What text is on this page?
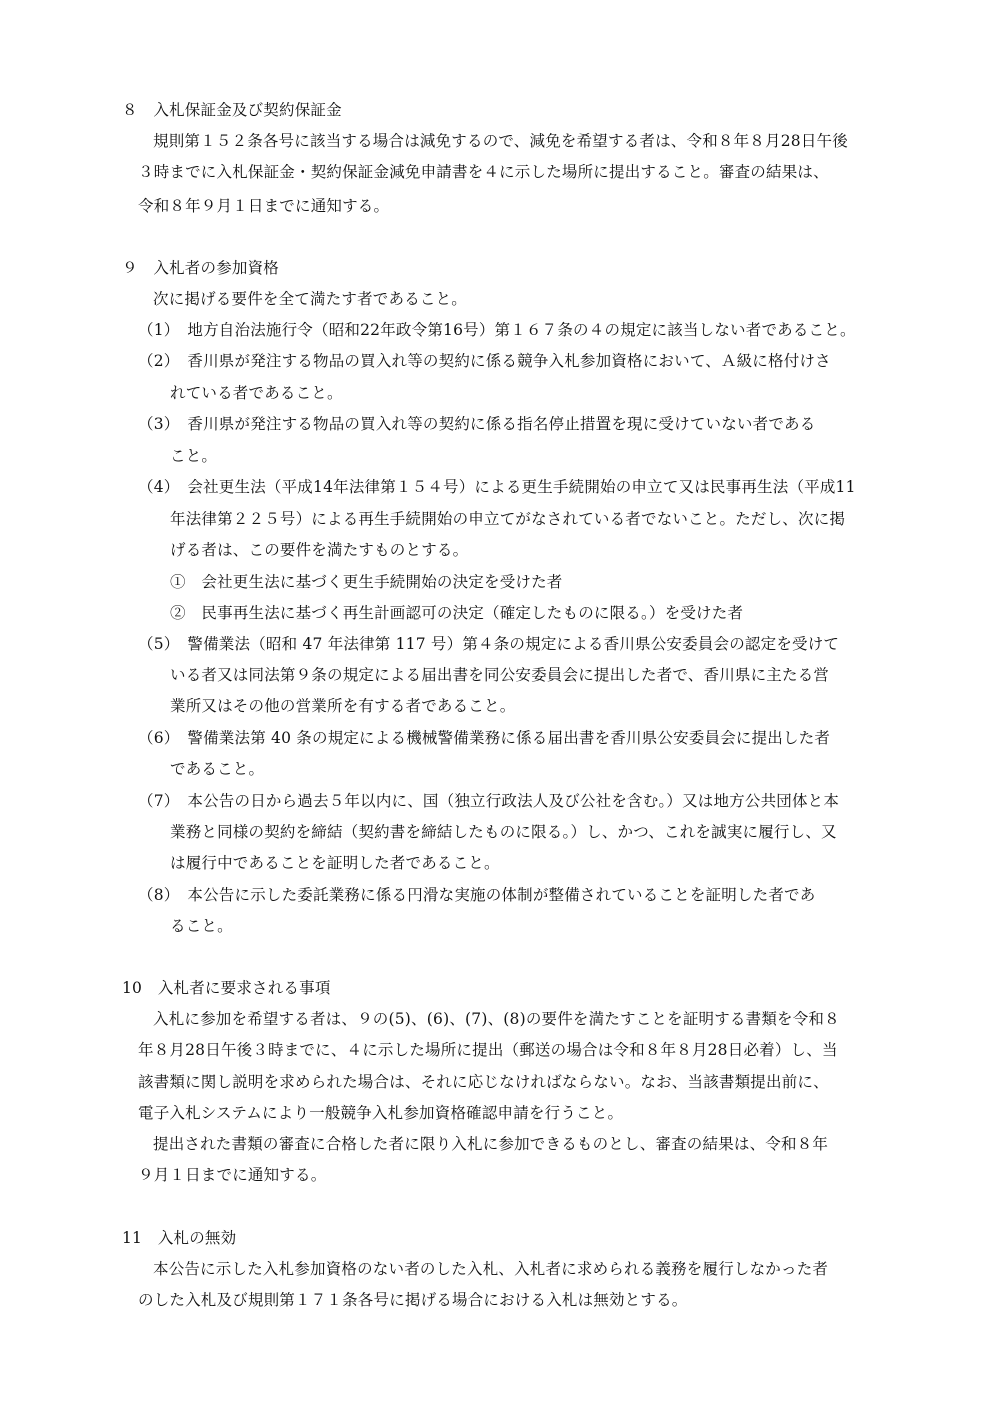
８　入札保証金及び契約保証金
規則第１５２条各号に該当する場合は減免するので、減免を希望する者は、令和８年８月28日午後
３時までに入札保証金・契約保証金減免申請書を４に示した場所に提出すること。審査の結果は、
令和８年９月１日までに通知する。
９　入札者の参加資格
次に掲げる要件を全て満たす者であること。
（1）　地方自治法施行令（昭和22年政令第16号）第１６７条の４の規定に該当しない者であること。
（2）　香川県が発注する物品の買入れ等の契約に係る競争入札参加資格において、Ａ級に格付けさ
れている者であること。
（3）　香川県が発注する物品の買入れ等の契約に係る指名停止措置を現に受けていない者である
こと。
（4）　会社更生法（平成14年法律第１５４号）による更生手続開始の申立て又は民事再生法（平成11
年法律第２２５号）による再生手続開始の申立てがなされている者でないこと。ただし、次に掲
げる者は、この要件を満たすものとする。
①　会社更生法に基づく更生手続開始の決定を受けた者
②　民事再生法に基づく再生計画認可の決定（確定したものに限る。）を受けた者
（5）　警備業法（昭和 47 年法律第 117 号）第４条の規定による香川県公安委員会の認定を受けて
いる者又は同法第９条の規定による届出書を同公安委員会に提出した者で、香川県に主たる営
業所又はその他の営業所を有する者であること。
（6）　警備業法第 40 条の規定による機械警備業務に係る届出書を香川県公安委員会に提出した者
であること。
（7）　本公告の日から過去５年以内に、国（独立行政法人及び公社を含む。）又は地方公共団体と本
業務と同様の契約を締結（契約書を締結したものに限る。）し、かつ、これを誠実に履行し、又
は履行中であることを証明した者であること。
（8）　本公告に示した委託業務に係る円滑な実施の体制が整備されていることを証明した者であ
ること。
10　入札者に要求される事項
入札に参加を希望する者は、９の(5)、(6)、(7)、(8)の要件を満たすことを証明する書類を令和８
年８月28日午後３時までに、４に示した場所に提出（郵送の場合は令和８年８月28日必着）し、当
該書類に関し説明を求められた場合は、それに応じなければならない。なお、当該書類提出前に、
電子入札システムにより一般競争入札参加資格確認申請を行うこと。
提出された書類の審査に合格した者に限り入札に参加できるものとし、審査の結果は、令和８年
９月１日までに通知する。
11　入札の無効
本公告に示した入札参加資格のない者のした入札、入札者に求められる義務を履行しなかった者
のした入札及び規則第１７１条各号に掲げる場合における入札は無効とする。
